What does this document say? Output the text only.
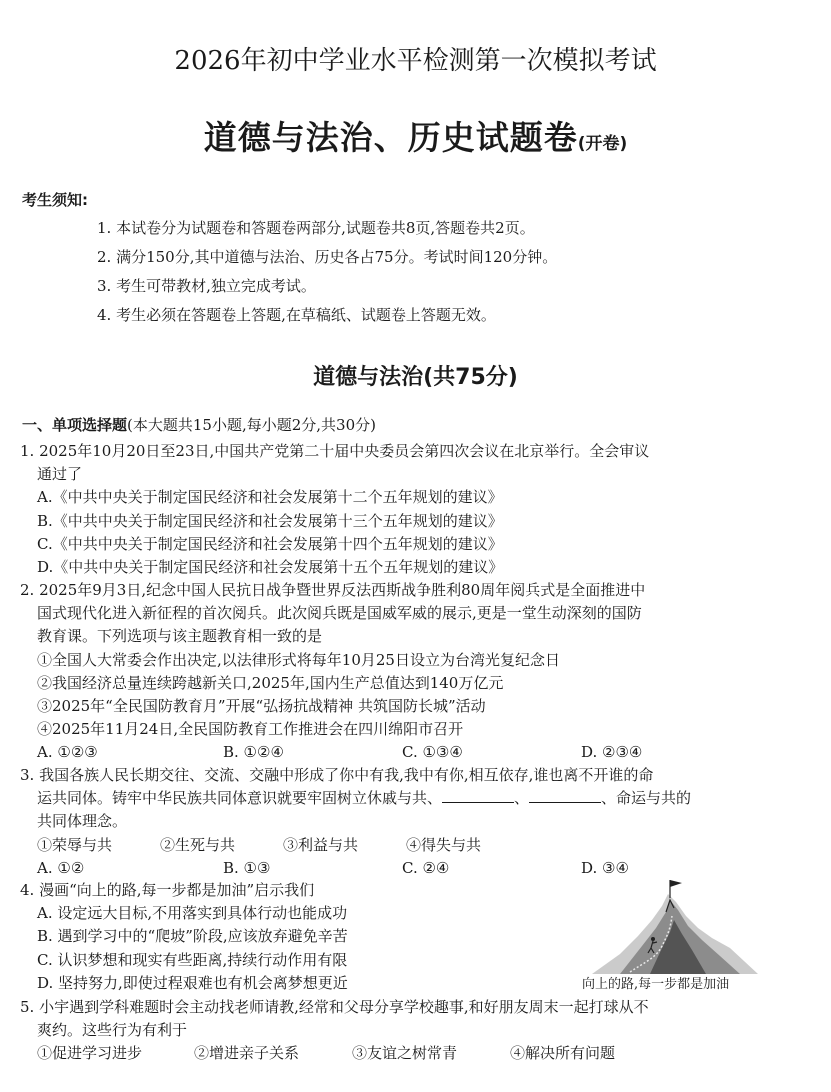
2026年初中学业水平检测第一次模拟考试
道德与法治、历史试题卷(开卷)
考生须知:
1. 本试卷分为试题卷和答题卷两部分,试题卷共8页,答题卷共2页。
2. 满分150分,其中道德与法治、历史各占75分。考试时间120分钟。
3. 考生可带教材,独立完成考试。
4. 考生必须在答题卷上答题,在草稿纸、试题卷上答题无效。
道德与法治(共75分)
一、单项选择题(本大题共15小题,每小题2分,共30分)
1. 2025年10月20日至23日,中国共产党第二十届中央委员会第四次会议在北京举行。全会审议
通过了
A.《中共中央关于制定国民经济和社会发展第十二个五年规划的建议》
B.《中共中央关于制定国民经济和社会发展第十三个五年规划的建议》
C.《中共中央关于制定国民经济和社会发展第十四个五年规划的建议》
D.《中共中央关于制定国民经济和社会发展第十五个五年规划的建议》
2. 2025年9月3日,纪念中国人民抗日战争暨世界反法西斯战争胜利80周年阅兵式是全面推进中
国式现代化进入新征程的首次阅兵。此次阅兵既是国威军威的展示,更是一堂生动深刻的国防
教育课。下列选项与该主题教育相一致的是
①全国人大常委会作出决定,以法律形式将每年10月25日设立为台湾光复纪念日
②我国经济总量连续跨越新关口,2025年,国内生产总值达到140万亿元
③2025年“全民国防教育月”开展“弘扬抗战精神 共筑国防长城”活动
④2025年11月24日,全民国防教育工作推进会在四川绵阳市召开
A. ①②③	B. ①②④	C. ①③④	D. ②③④
3. 我国各族人民长期交往、交流、交融中形成了你中有我,我中有你,相互依存,谁也离不开谁的命
运共同体。铸牢中华民族共同体意识就要牢固树立休戚与共、	、	、命运与共的
共同体理念。
①荣辱与共	②生死与共	③利益与共	④得失与共
A. ①②	B. ①③	C. ②④	D. ③④
4. 漫画“向上的路,每一步都是加油”启示我们
A. 设定远大目标,不用落实到具体行动也能成功
B. 遇到学习中的“爬坡”阶段,应该放弃避免辛苦
C. 认识梦想和现实有些距离,持续行动作用有限
D. 坚持努力,即使过程艰难也有机会离梦想更近	向上的路,每一步都是加油
5. 小宇遇到学科难题时会主动找老师请教,经常和父母分享学校趣事,和好朋友周末一起打球从不
爽约。这些行为有利于
①促进学习进步	②增进亲子关系	③友谊之树常青	④解决所有问题
